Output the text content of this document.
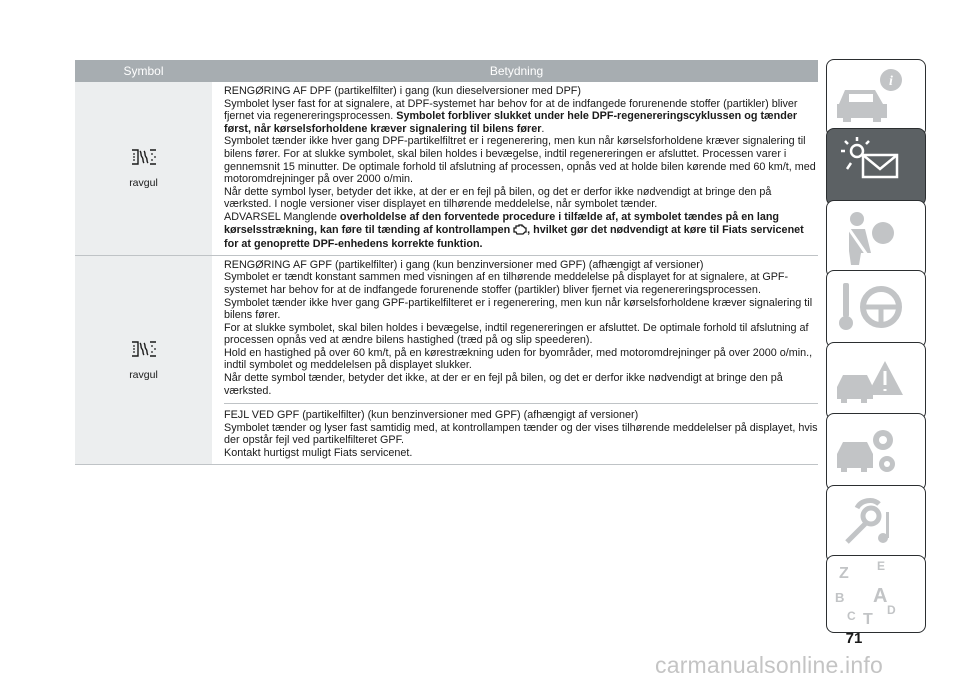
Symbol	Betydning
ravgul

RENGØRING AF DPF (partikelfilter) i gang (kun dieselversioner med DPF)

Symbolet lyser fast for at signalere, at DPF-systemet har behov for at de indfangede forurenende stoffer (partikler) bliver fjernet via regenereringsprocessen. Symbolet forbliver slukket under hele DPF-regenereringscyklussen og tænder først, når kørselsforholdene kræver signalering til bilens fører.

Symbolet tænder ikke hver gang DPF-partikelfiltret er i regenerering, men kun når kørselsforholdene kræver signalering til bilens fører. For at slukke symbolet, skal bilen holdes i bevægelse, indtil regenereringen er afsluttet. Processen varer i gennemsnit 15 minutter. De optimale forhold til afslutning af processen, opnås ved at holde bilen kørende med 60 km/t, med motoromdrejninger på over 2000 o/min.

Når dette symbol lyser, betyder det ikke, at der er en fejl på bilen, og det er derfor ikke nødvendigt at bringe den på værksted. I nogle versioner viser displayet en tilhørende meddelelse, når symbolet tænder.

ADVARSEL Manglende overholdelse af den forventede procedure i tilfælde af, at symbolet tændes på en lang kørselsstrækning, kan føre til tænding af kontrollampen , hvilket gør det nødvendigt at køre til Fiats servicenet for at genoprette DPF-enhedens korrekte funktion.

ravgul

RENGØRING AF GPF (partikelfilter) i gang (kun benzinversioner med GPF) (afhængigt af versioner)

Symbolet er tændt konstant sammen med visningen af en tilhørende meddelelse på displayet for at signalere, at GPF-systemet har behov for at de indfangede forurenende stoffer (partikler) bliver fjernet via regenereringsprocessen.

Symbolet tænder ikke hver gang GPF-partikelfilteret er i regenerering, men kun når kørselsforholdene kræver signalering til bilens fører.

For at slukke symbolet, skal bilen holdes i bevægelse, indtil regenereringen er afsluttet. De optimale forhold til afslutning af processen opnås ved at ændre bilens hastighed (træd på og slip speederen).

Hold en hastighed på over 60 km/t, på en kørestrækning uden for byområder, med motoromdrejninger på over 2000 o/min., indtil symbolet og meddelelsen på displayet slukker.

Når dette symbol tænder, betyder det ikke, at der er en fejl på bilen, og det er derfor ikke nødvendigt at bringe den på værksted.

FEJL VED GPF (partikelfilter) (kun benzinversioner med GPF) (afhængigt af versioner)

Symbolet tænder og lyser fast samtidig med, at kontrollampen tænder og der vises tilhørende meddelelser på displayet, hvis der opstår fejl ved partikelfilteret GPF.

Kontakt hurtigst muligt Fiats servicenet.

i
Z E
B A
C T
D
71
carmanualsonline.info
